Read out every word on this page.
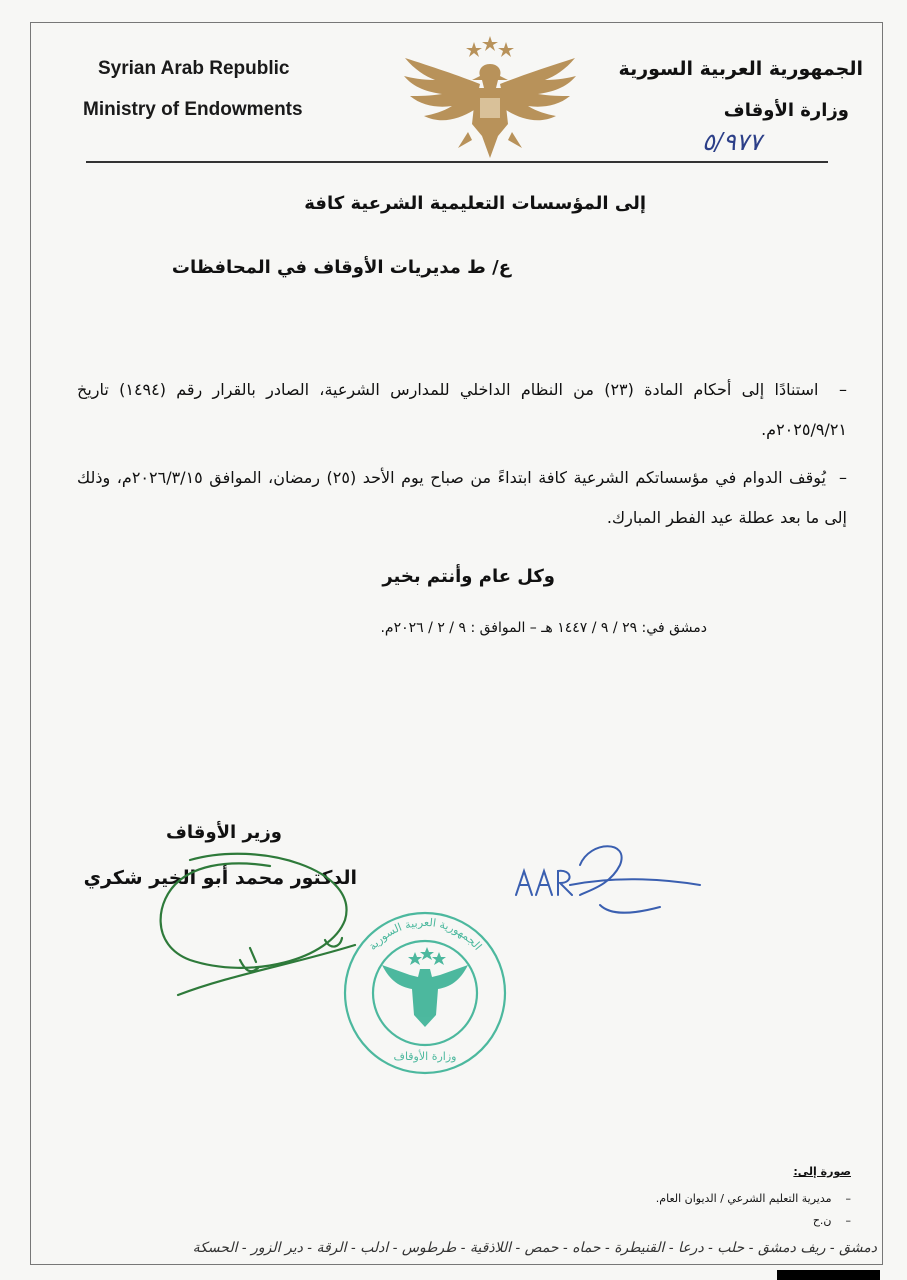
Syrian Arab Republic
Ministry of Endowments
الجمهورية العربية السورية
وزارة الأوقاف
٥/٩٧٧
إلى المؤسسات التعليمية الشرعية كافة
ع/ ط مديريات الأوقاف في المحافظات
–  استنادًا إلى أحكام المادة (٢٣) من النظام الداخلي للمدارس الشرعية، الصادر بالقرار رقم (١٤٩٤) تاريخ ٢٠٢٥/٩/٢١م.
–  يُوقف الدوام في مؤسساتكم الشرعية كافة ابتداءً من صباح يوم الأحد (٢٥) رمضان، الموافق ٢٠٢٦/٣/١٥م، وذلك إلى ما بعد عطلة عيد الفطر المبارك.
وكل عام وأنتم بخير
دمشق في: ٢٩ / ٩ / ١٤٤٧ هـ – الموافق : ٩ / ٢ / ٢٠٢٦م.
وزير الأوقاف
الدكتور محمد أبو الخير شكري
الجمهورية العربية السورية
وزارة الأوقاف
صورة إلى:
–    مديرية التعليم الشرعي / الديوان العام.
–    ن.ح
دمشق - ريف دمشق - حلب - درعا - القنيطرة - حماه - حمص - اللاذقية - طرطوس - ادلب - الرقة - دير الزور - الحسكة
